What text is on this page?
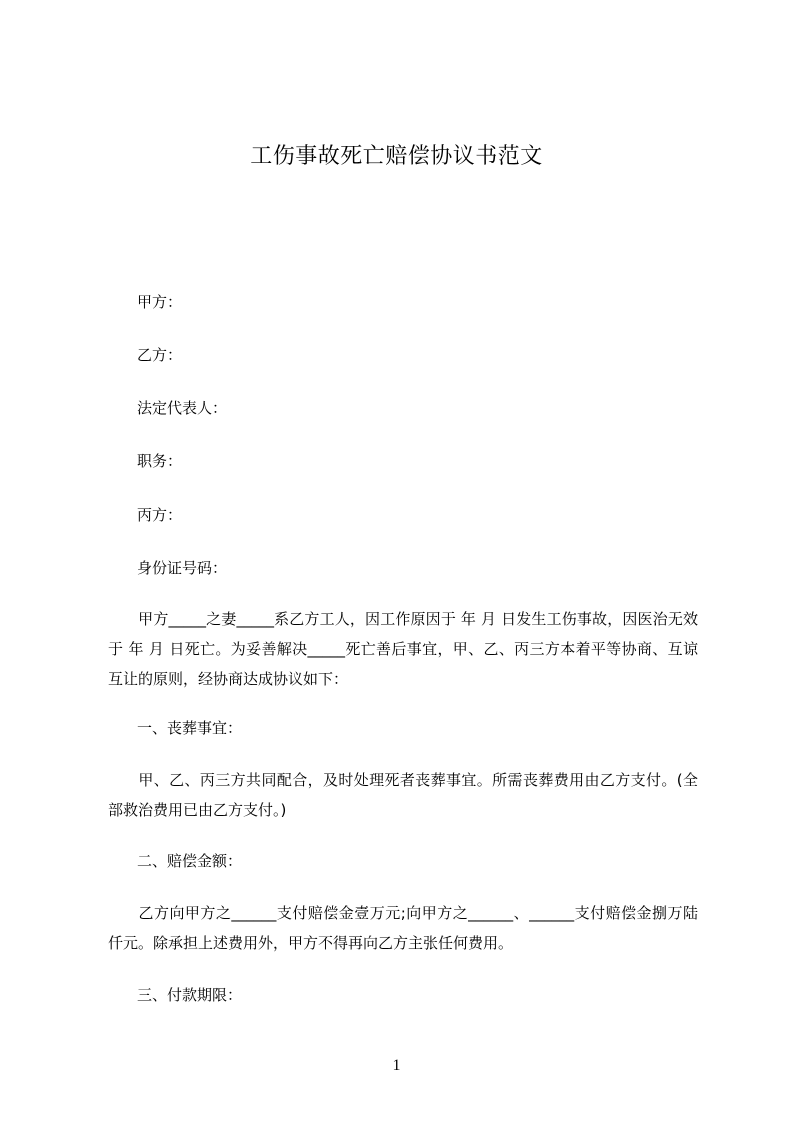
工伤事故死亡赔偿协议书范文
甲方：
乙方：
法定代表人：
职务：
丙方：
身份证号码：
甲方_____之妻_____系乙方工人，因工作原因于 年 月 日发生工伤事故，因医治无效于 年 月 日死亡。为妥善解决_____死亡善后事宜，甲、乙、丙三方本着平等协商、互谅互让的原则，经协商达成协议如下：
一、丧葬事宜：
甲、乙、丙三方共同配合，及时处理死者丧葬事宜。所需丧葬费用由乙方支付。(全部救治费用已由乙方支付。)
二、赔偿金额：
乙方向甲方之______支付赔偿金壹万元;向甲方之______、______支付赔偿金捌万陆仟元。除承担上述费用外，甲方不得再向乙方主张任何费用。
三、付款期限：
1
